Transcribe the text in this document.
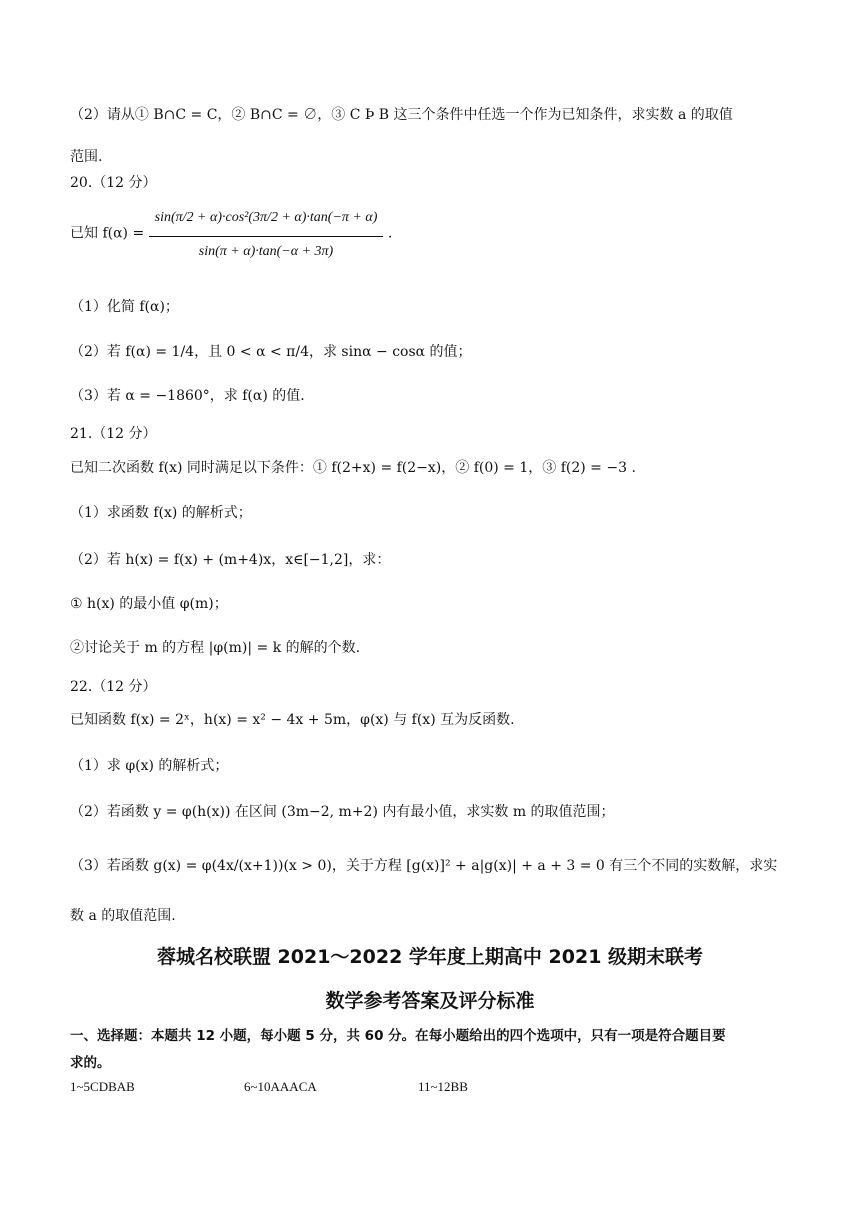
（2）请从① B∩C = C，② B∩C = ∅，③ C Þ B 这三个条件中任选一个作为已知条件，求实数 a 的取值
范围.
20.（12 分）
已知 $f(\alpha) = \frac{\text{sin(π/2 + α)·cos²(3π/2 + α)·tan(−π + α)}}{\sin(\pi + \alpha)\cdot\tan(-\alpha + 3\pi)}$ .
（1）化简 f(α)；
（2）若 f(α) = 1/4，且 0 < α < π/4，求 sinα − cosα 的值；
（3）若 α = −1860°，求 f(α) 的值.
21.（12 分）
已知二次函数 f(x) 同时满足以下条件：① f(2+x) = f(2−x)，② f(0) = 1，③ f(2) = −3 .
（1）求函数 f(x) 的解析式；
（2）若 h(x) = f(x) + (m+4)x，x∈[−1,2]，求：
① h(x) 的最小值 φ(m)；
②讨论关于 m 的方程 |φ(m)| = k 的解的个数.
22.（12 分）
已知函数 f(x) = 2ˣ，h(x) = x² − 4x + 5m，φ(x) 与 f(x) 互为反函数.
（1）求 φ(x) 的解析式；
（2）若函数 y = φ(h(x)) 在区间 (3m−2, m+2) 内有最小值，求实数 m 的取值范围；
（3）若函数 g(x) = φ(4x/(x+1))(x > 0)，关于方程 [g(x)]² + a|g(x)| + a + 3 = 0 有三个不同的实数解，求实
数 a 的取值范围.
蓉城名校联盟 2021～2022 学年度上期高中 2021 级期末联考
数学参考答案及评分标准
一、选择题：本题共 12 小题，每小题 5 分，共 60 分。在每小题给出的四个选项中，只有一项是符合题目要
求的。
1~5CDBAB	6~10AAACA	11~12BB
